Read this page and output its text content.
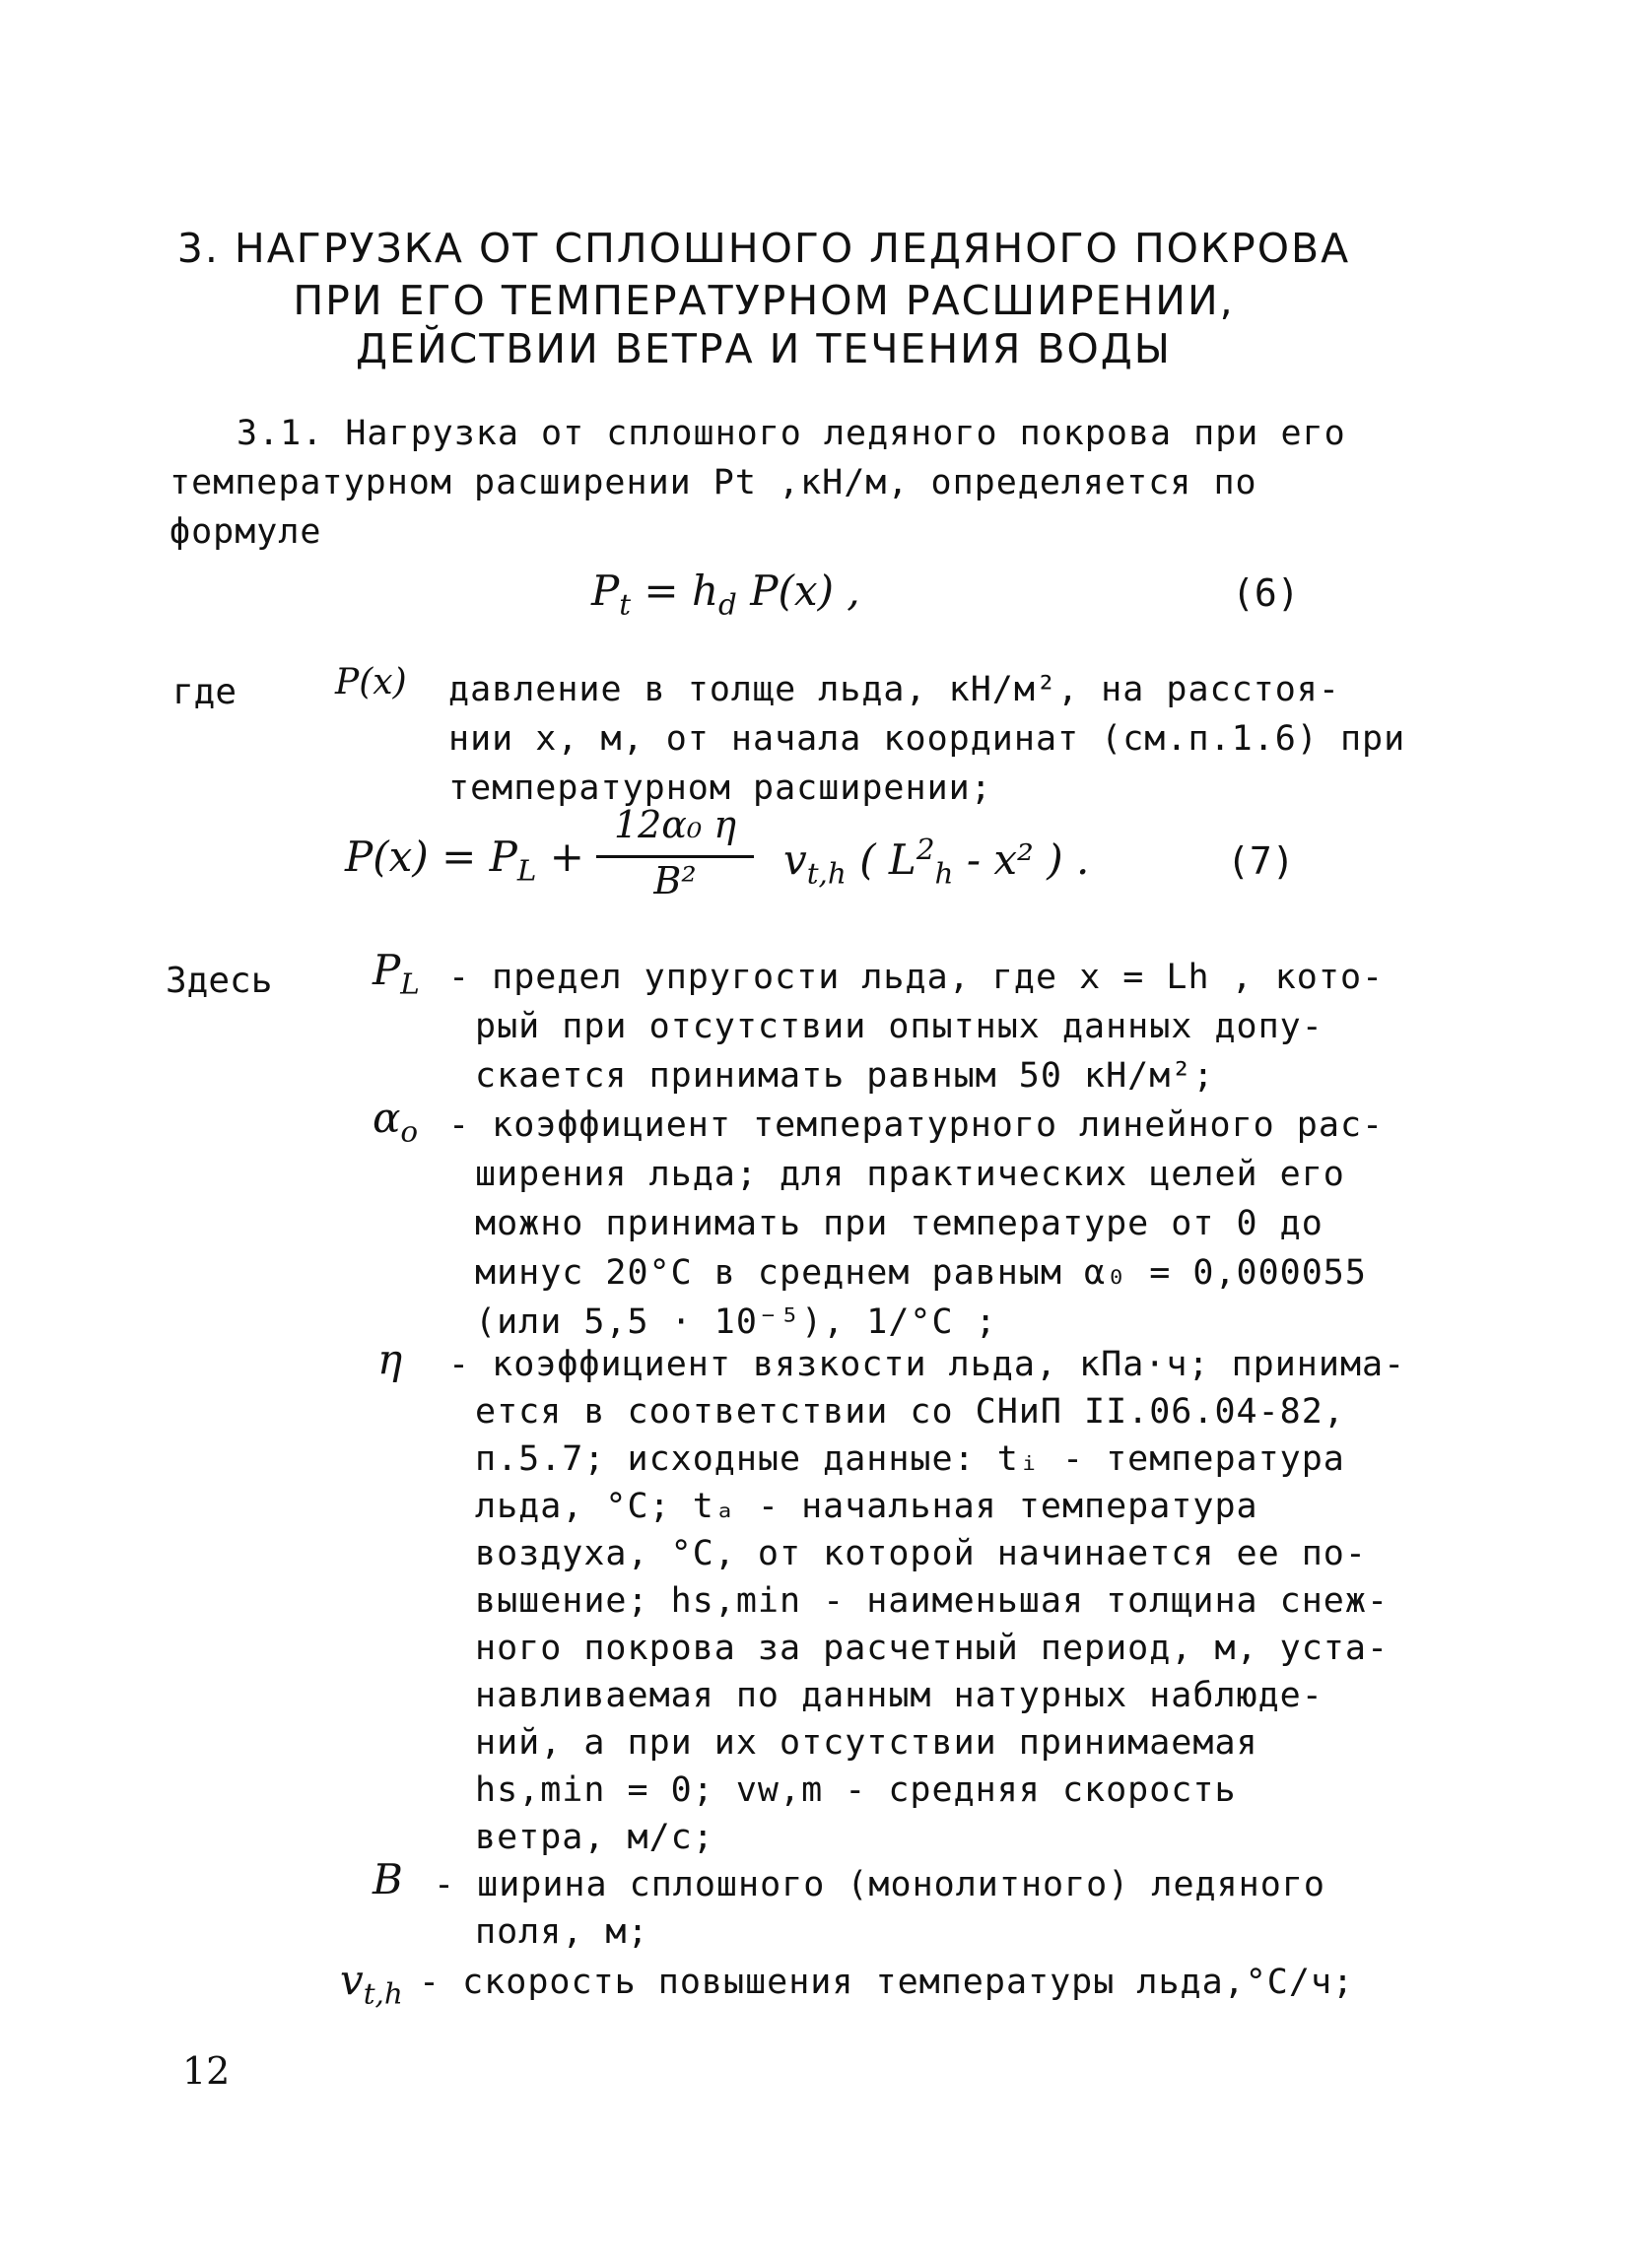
3. НАГРУЗКА ОТ СПЛОШНОГО ЛЕДЯНОГО ПОКРОВА
ПРИ ЕГО ТЕМПЕРАТУРНОМ РАСШИРЕНИИ,
ДЕЙСТВИИ ВЕТРА И ТЕЧЕНИЯ ВОДЫ
3.1. Нагрузка от сплошного ледяного покрова при его
температурном расширении Pt ,кН/м, определяется по
формуле
$P_t = h_d$ P(x) ,	(6)
где	P(x) давление в толще льда, кН/м², на расстоя-
нии x, м, от начала координат (см.п.1.6) при
температурном расширении;
$P(x) = P_L$ +
12α₀ η
B²	$v_{t,h}$ ( $L^2_h - x^2$ ) .	(7)
Здесь $P_L$ - предел упругости льда, где x = Lh , кото-
рый при отсутствии опытных данных допу-
скается принимать равным 50 кН/м²;
$\alpha_o$ - коэффициент температурного линейного рас-
ширения льда; для практических целей его
можно принимать при температуре от 0 до
минус 20°C в среднем равным α₀ = 0,000055
(или 5,5 · 10⁻⁵), 1/°C ;
η - коэффициент вязкости льда, кПа·ч; принима-
ется в соответствии со СНиП II.06.04-82,
п.5.7; исходные данные: tᵢ - температура
льда, °C; tₐ - начальная температура
воздуха, °C, от которой начинается ее по-
вышение; hs,min - наименьшая толщина снеж-
ного покрова за расчетный период, м, уста-
навливаемая по данным натурных наблюде-
ний, а при их отсутствии принимаемая
hs,min = 0; vw,m - средняя скорость
ветра, м/с;
B - ширина сплошного (монолитного) ледяного
поля, м;
$v_{t,h}$ - скорость повышения температуры льда,°C/ч;
12
